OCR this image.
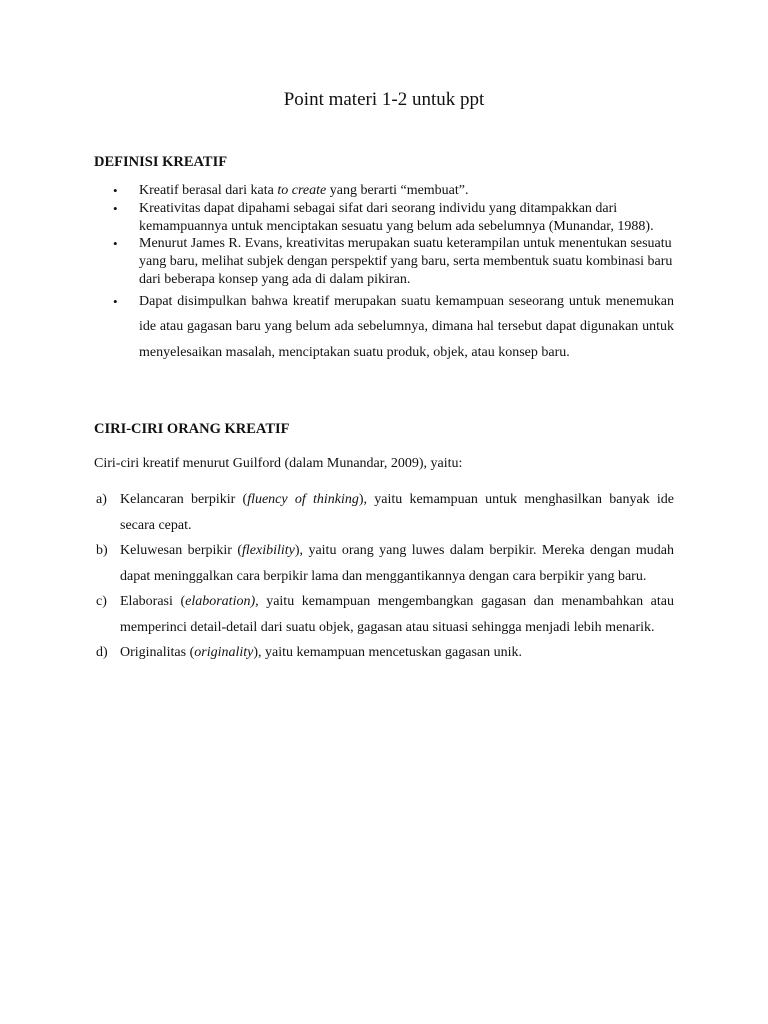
Point materi 1-2 untuk ppt
DEFINISI KREATIF
• Kreatif berasal dari kata to create yang berarti “membuat”.
• Kreativitas dapat dipahami sebagai sifat dari seorang individu yang ditampakkan dari kemampuannya untuk menciptakan sesuatu yang belum ada sebelumnya (Munandar, 1988).
• Menurut James R. Evans, kreativitas merupakan suatu keterampilan untuk menentukan sesuatu yang baru, melihat subjek dengan perspektif yang baru, serta membentuk suatu kombinasi baru dari beberapa konsep yang ada di dalam pikiran.
• Dapat disimpulkan bahwa kreatif merupakan suatu kemampuan seseorang untuk menemukan ide atau gagasan baru yang belum ada sebelumnya, dimana hal tersebut dapat digunakan untuk menyelesaikan masalah, menciptakan suatu produk, objek, atau konsep baru.
CIRI-CIRI ORANG KREATIF

Ciri-ciri kreatif menurut Guilford (dalam Munandar, 2009), yaitu:

a) Kelancaran berpikir (fluency of thinking), yaitu kemampuan untuk menghasilkan banyak ide secara cepat.
b) Keluwesan berpikir (flexibility), yaitu orang yang luwes dalam berpikir. Mereka dengan mudah dapat meninggalkan cara berpikir lama dan menggantikannya dengan cara berpikir yang baru.
c) Elaborasi (elaboration), yaitu kemampuan mengembangkan gagasan dan menambahkan atau memperinci detail-detail dari suatu objek, gagasan atau situasi sehingga menjadi lebih menarik.
d) Originalitas (originality), yaitu kemampuan mencetuskan gagasan unik.
